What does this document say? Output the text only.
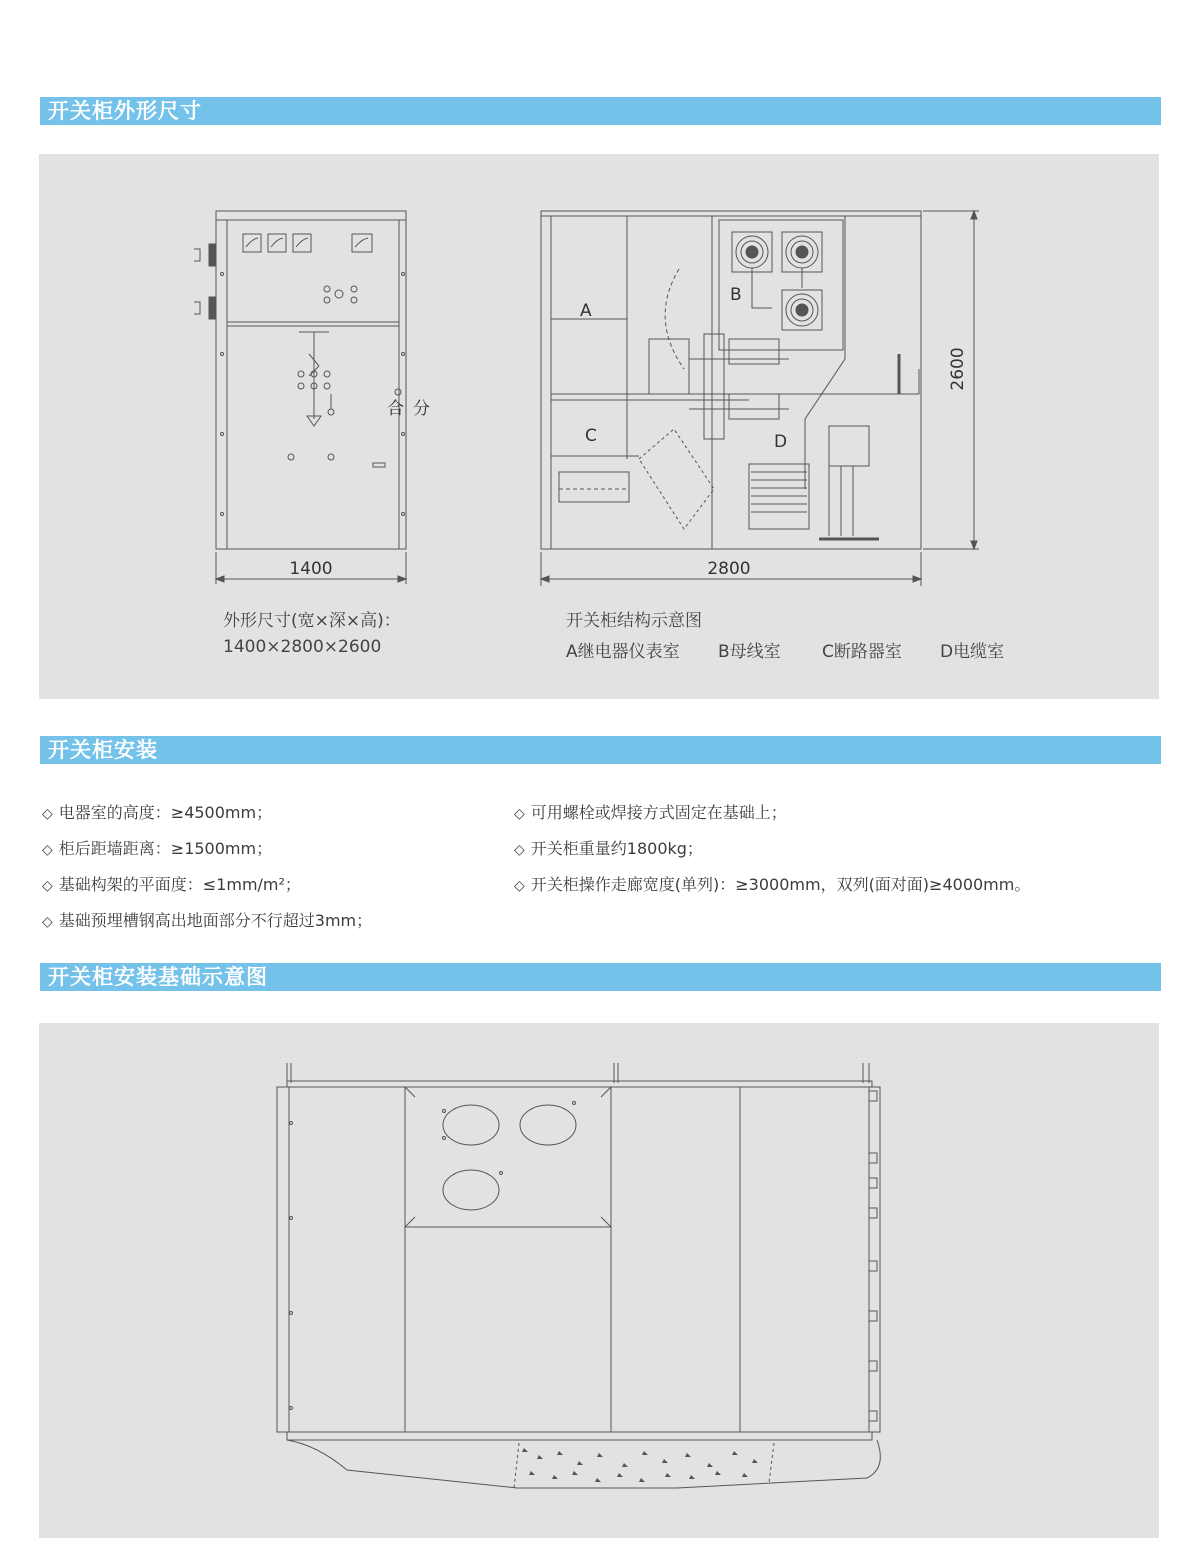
开关柜外形尺寸
1400
合 分
2800
2600
A
B
C	D
外形尺寸(宽×深×高)：
1400×2800×2600
开关柜结构示意图
A继电器仪表室 B母线室 C断路器室 D电缆室
开关柜安装
◇ 电器室的高度：≥4500mm；
◇ 柜后距墙距离：≥1500mm；
◇ 基础构架的平面度：≤1mm/m²；
◇ 基础预埋槽钢高出地面部分不行超过3mm；
◇ 可用螺栓或焊接方式固定在基础上；
◇ 开关柜重量约1800kg；
◇ 开关柜操作走廊宽度(单列)：≥3000mm，双列(面对面)≥4000mm。
开关柜安装基础示意图
